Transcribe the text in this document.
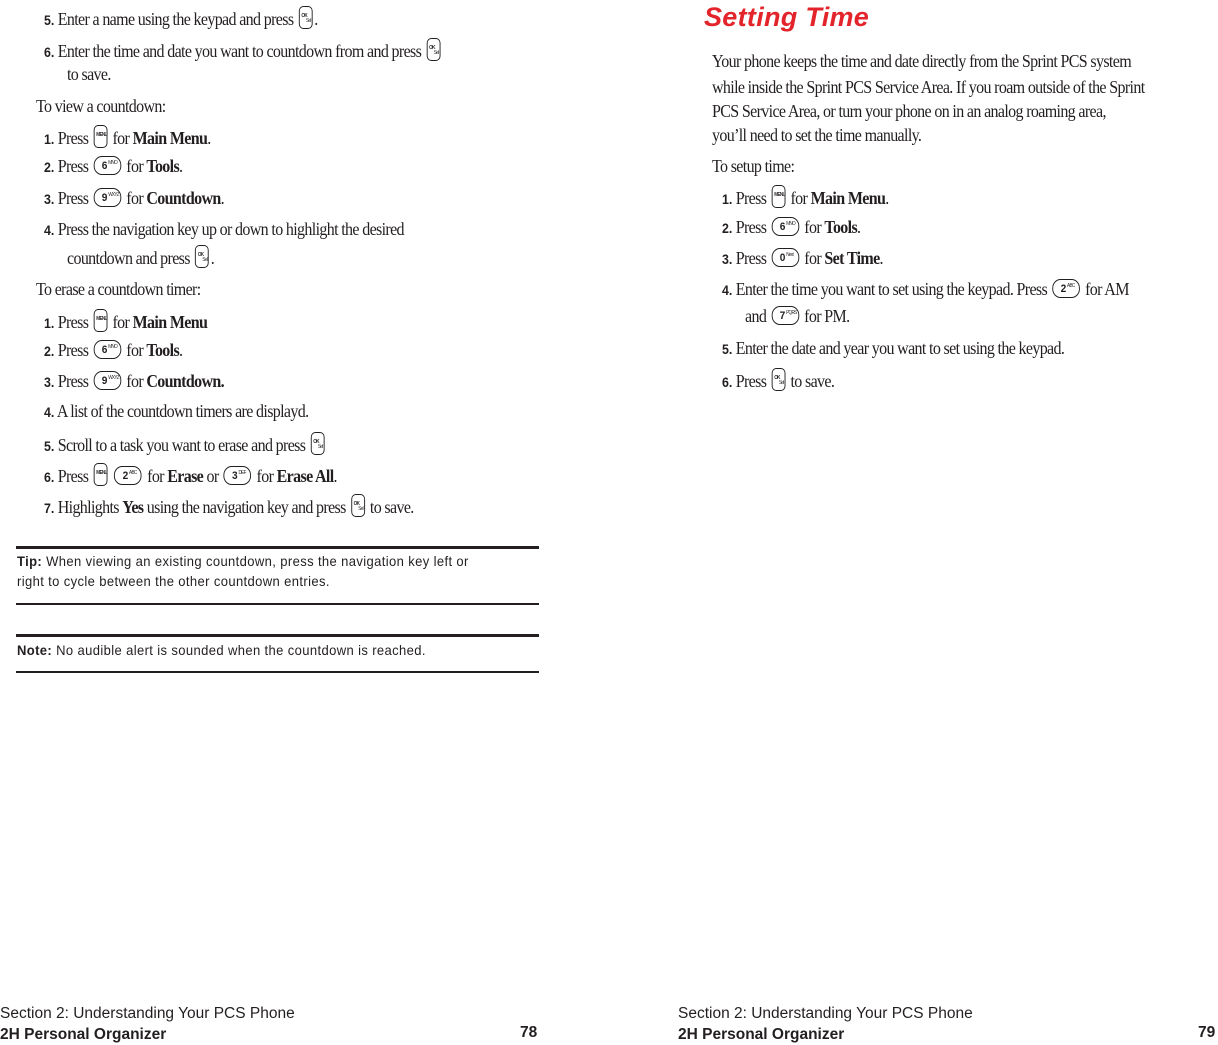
5. Enter a name using the keypad and press OK
Sel .
6. Enter the time and date you want to countdown from and press OK
Sel
to save.
To view a countdown:
1. Press MENU for Main Menu.
2. Press 6 MNO for Tools.
3. Press 9 WXYZ for Countdown.
4. Press the navigation key up or down to highlight the desired
countdown and press OK
Sel .
To erase a countdown timer:
1. Press MENU for Main Menu
2. Press 6 MNO for Tools.
3. Press 9 WXYZ for Countdown.
4. A list of the countdown timers are displayd.
5. Scroll to a task you want to erase and press OK
Sel
6. Press MENU
2 ABC for Erase or 3 DEF for Erase All.
7. Highlights Yes using the navigation key and press OK
Sel to save.
Tip: When viewing an existing countdown, press the navigation key left or
right to cycle between the other countdown entries.
Note: No audible alert is sounded when the countdown is reached.
Section 2: Understanding Your PCS Phone
2H Personal Organizer	78
Setting Time
Your phone keeps the time and date directly from the Sprint PCS system
while inside the Sprint PCS Service Area. If you roam outside of the Sprint
PCS Service Area, or turn your phone on in an analog roaming area,
you’ll need to set the time manually.
To setup time:
1. Press MENU for Main Menu.
2. Press 6 MNO for Tools.
3. Press 0 Next for Set Time.
4. Enter the time you want to set using the keypad. Press 2 ABC for AM
and 7 PQRS for PM.
5. Enter the date and year you want to set using the keypad.
6. Press OK
Sel to save.
Section 2: Understanding Your PCS Phone
2H Personal Organizer	79
